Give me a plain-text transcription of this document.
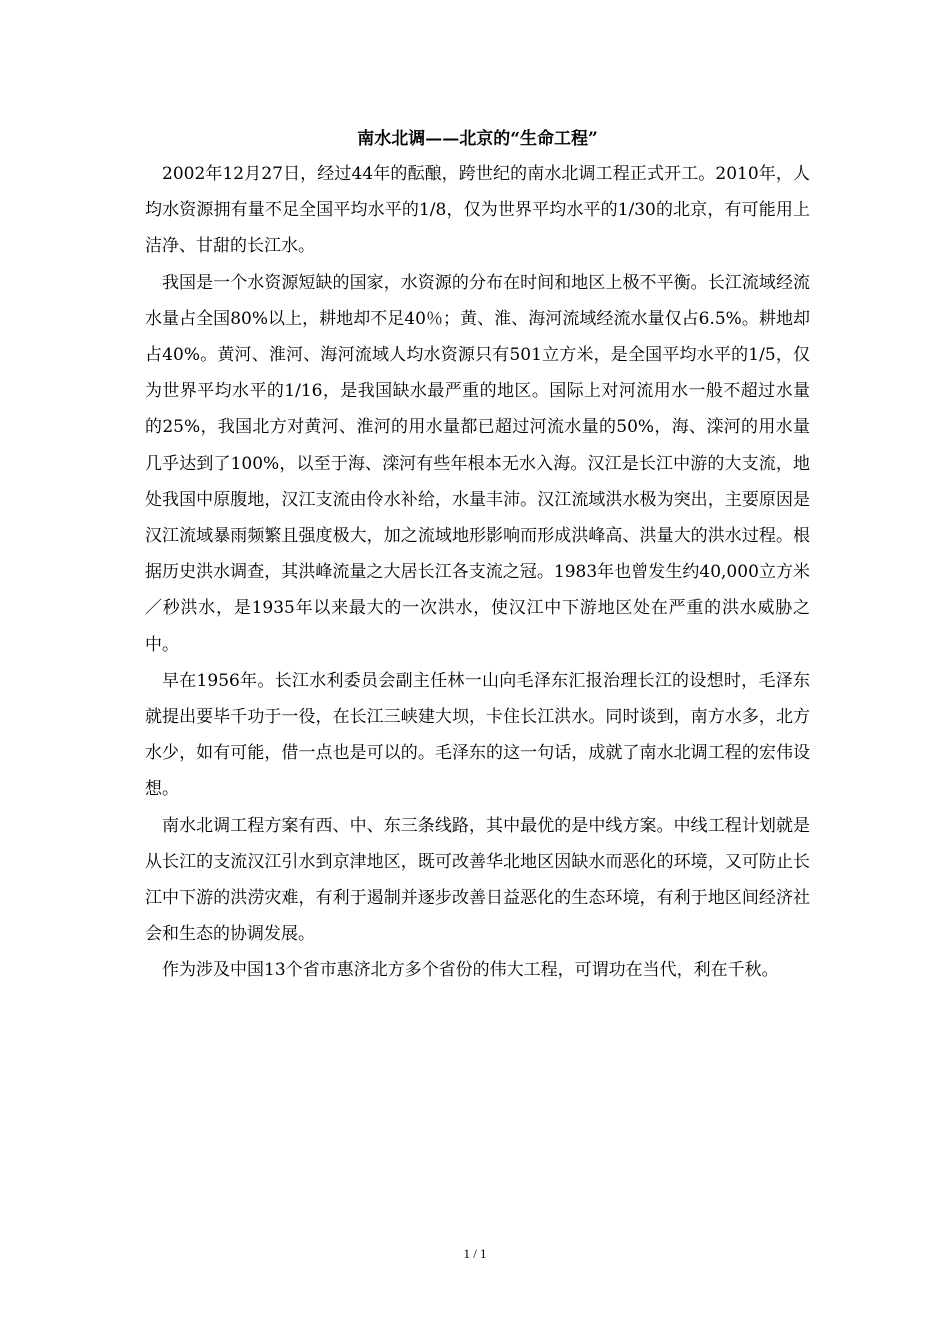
南水北调——北京的“生命工程”

2002年12月27日，经过44年的酝酿，跨世纪的南水北调工程正式开工。2010年，人均水资源拥有量不足全国平均水平的1/8，仅为世界平均水平的1/30的北京，有可能用上洁净、甘甜的长江水。

我国是一个水资源短缺的国家，水资源的分布在时间和地区上极不平衡。长江流域经流水量占全国80%以上，耕地却不足40％；黄、淮、海河流域经流水量仅占6.5%。耕地却占40%。黄河、淮河、海河流域人均水资源只有501立方米，是全国平均水平的1/5，仅为世界平均水平的1/16，是我国缺水最严重的地区。国际上对河流用水一般不超过水量的25%，我国北方对黄河、淮河的用水量都已超过河流水量的50%，海、滦河的用水量几乎达到了100%，以至于海、滦河有些年根本无水入海。汉江是长江中游的大支流，地处我国中原腹地，汉江支流由伶水补给，水量丰沛。汉江流域洪水极为突出，主要原因是汉江流域暴雨频繁且强度极大，加之流域地形影响而形成洪峰高、洪量大的洪水过程。根据历史洪水调查，其洪峰流量之大居长江各支流之冠。1983年也曾发生约40,000立方米／秒洪水，是1935年以来最大的一次洪水，使汉江中下游地区处在严重的洪水威胁之中。

早在1956年。长江水利委员会副主任林一山向毛泽东汇报治理长江的设想时，毛泽东就提出要毕千功于一役，在长江三峡建大坝，卡住长江洪水。同时谈到，南方水多，北方水少，如有可能，借一点也是可以的。毛泽东的这一句话，成就了南水北调工程的宏伟设想。

南水北调工程方案有西、中、东三条线路，其中最优的是中线方案。中线工程计划就是从长江的支流汉江引水到京津地区，既可改善华北地区因缺水而恶化的环境，又可防止长江中下游的洪涝灾难，有利于遏制并逐步改善日益恶化的生态环境，有利于地区间经济社会和生态的协调发展。

作为涉及中国13个省市惠济北方多个省份的伟大工程，可谓功在当代，利在千秋。

1 / 1
